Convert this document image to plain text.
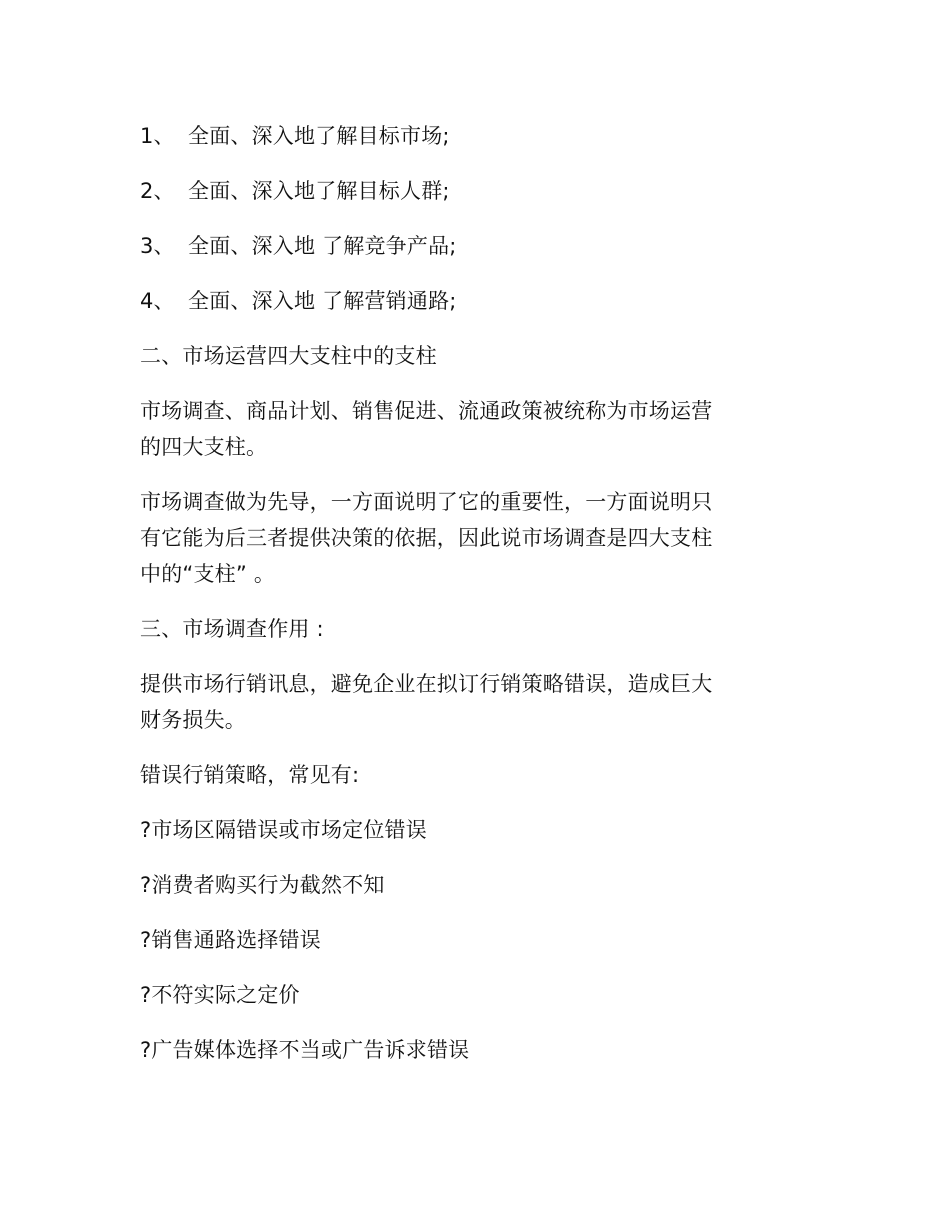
1、 全面、深入地了解目标市场;
2、 全面、深入地了解目标人群;
3、 全面、深入地 了解竞争产品;
4、 全面、深入地 了解营销通路;
二、市场运营四大支柱中的支柱
市场调查、商品计划、销售促进、流通政策被统称为市场运营
的四大支柱。
市场调查做为先导，一方面说明了它的重要性，一方面说明只
有它能为后三者提供决策的依据，因此说市场调查是四大支柱
中的“支柱” 。
三、市场调查作用 :
提供市场行销讯息，避免企业在拟订行销策略错误，造成巨大
财务损失。
错误行销策略，常见有:
?市场区隔错误或市场定位错误
?消费者购买行为截然不知
?销售通路选择错误
?不符实际之定价
?广告媒体选择不当或广告诉求错误
